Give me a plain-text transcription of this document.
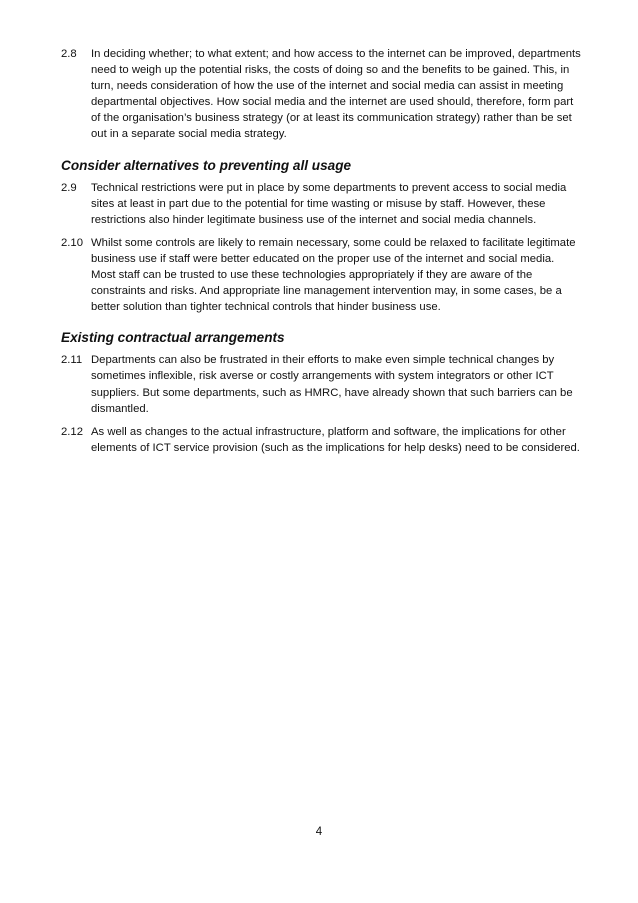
2.8	In deciding whether; to what extent; and how access to the internet can be improved, departments need to weigh up the potential risks, the costs of doing so and the benefits to be gained. This, in turn, needs consideration of how the use of the internet and social media can assist in meeting departmental objectives. How social media and the internet are used should, therefore, form part of the organisation’s business strategy (or at least its communication strategy) rather than be set out in a separate social media strategy.

Consider alternatives to preventing all usage
2.9	Technical restrictions were put in place by some departments to prevent access to social media sites at least in part due to the potential for time wasting or misuse by staff. However, these restrictions also hinder legitimate business use of the internet and social media channels.

2.10 Whilst some controls are likely to remain necessary, some could be relaxed to facilitate legitimate business use if staff were better educated on the proper use of the internet and social media. Most staff can be trusted to use these technologies appropriately if they are aware of the constraints and risks. And appropriate line management intervention may, in some cases, be a better solution than tighter technical controls that hinder business use.

Existing contractual arrangements
2.11 Departments can also be frustrated in their efforts to make even simple technical changes by sometimes inflexible, risk averse or costly arrangements with system integrators or other ICT suppliers. But some departments, such as HMRC, have already shown that such barriers can be dismantled.

2.12 As well as changes to the actual infrastructure, platform and software, the implications for other elements of ICT service provision (such as the implications for help desks) need to be considered.

4
